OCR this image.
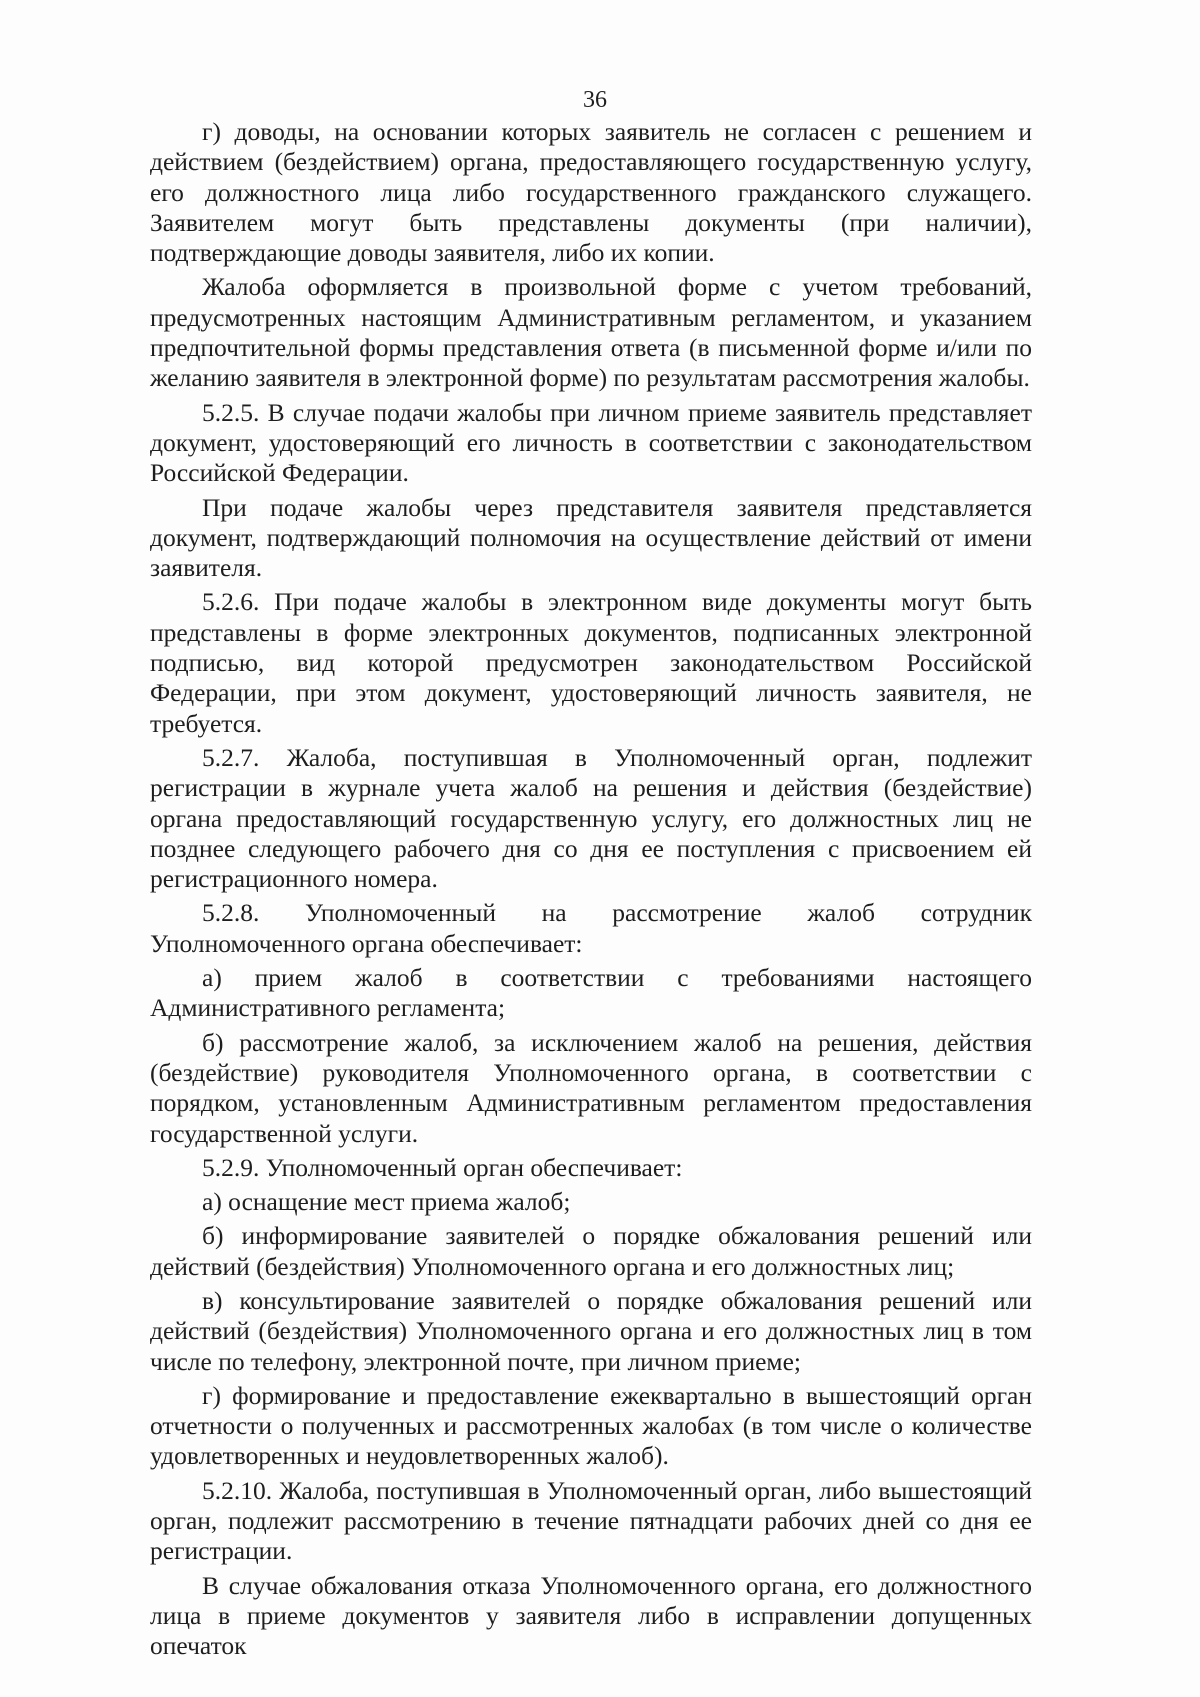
36

г) доводы, на основании которых заявитель не согласен с решением и действием (бездействием) органа, предоставляющего государственную услугу, его должностного лица либо государственного гражданского служащего. Заявителем могут быть представлены документы (при наличии), подтверждающие доводы заявителя, либо их копии.

Жалоба оформляется в произвольной форме с учетом требований, предусмотренных настоящим Административным регламентом, и указанием предпочтительной формы представления ответа (в письменной форме и/или по желанию заявителя в электронной форме) по результатам рассмотрения жалобы.

5.2.5. В случае подачи жалобы при личном приеме заявитель представляет документ, удостоверяющий его личность в соответствии с законодательством Российской Федерации.

При подаче жалобы через представителя заявителя представляется документ, подтверждающий полномочия на осуществление действий от имени заявителя.

5.2.6. При подаче жалобы в электронном виде документы могут быть представлены в форме электронных документов, подписанных электронной подписью, вид которой предусмотрен законодательством Российской Федерации, при этом документ, удостоверяющий личность заявителя, не требуется.

5.2.7. Жалоба, поступившая в Уполномоченный орган, подлежит регистрации в журнале учета жалоб на решения и действия (бездействие) органа предоставляющий государственную услугу, его должностных лиц не позднее следующего рабочего дня со дня ее поступления с присвоением ей регистрационного номера.

5.2.8. Уполномоченный на рассмотрение жалоб сотрудник Уполномоченного органа обеспечивает:

а) прием жалоб в соответствии с требованиями настоящего Административного регламента;

б) рассмотрение жалоб, за исключением жалоб на решения, действия (бездействие) руководителя Уполномоченного органа, в соответствии с порядком, установленным Административным регламентом предоставления государственной услуги.

5.2.9. Уполномоченный орган обеспечивает:

а) оснащение мест приема жалоб;

б) информирование заявителей о порядке обжалования решений или действий (бездействия) Уполномоченного органа и его должностных лиц;

в) консультирование заявителей о порядке обжалования решений или действий (бездействия) Уполномоченного органа и его должностных лиц в том числе по телефону, электронной почте, при личном приеме;

г) формирование и предоставление ежеквартально в вышестоящий орган отчетности о полученных и рассмотренных жалобах (в том числе о количестве удовлетворенных и неудовлетворенных жалоб).

5.2.10. Жалоба, поступившая в Уполномоченный орган, либо вышестоящий орган, подлежит рассмотрению в течение пятнадцати рабочих дней со дня ее регистрации.

В случае обжалования отказа Уполномоченного органа, его должностного лица в приеме документов у заявителя либо в исправлении допущенных опечаток
